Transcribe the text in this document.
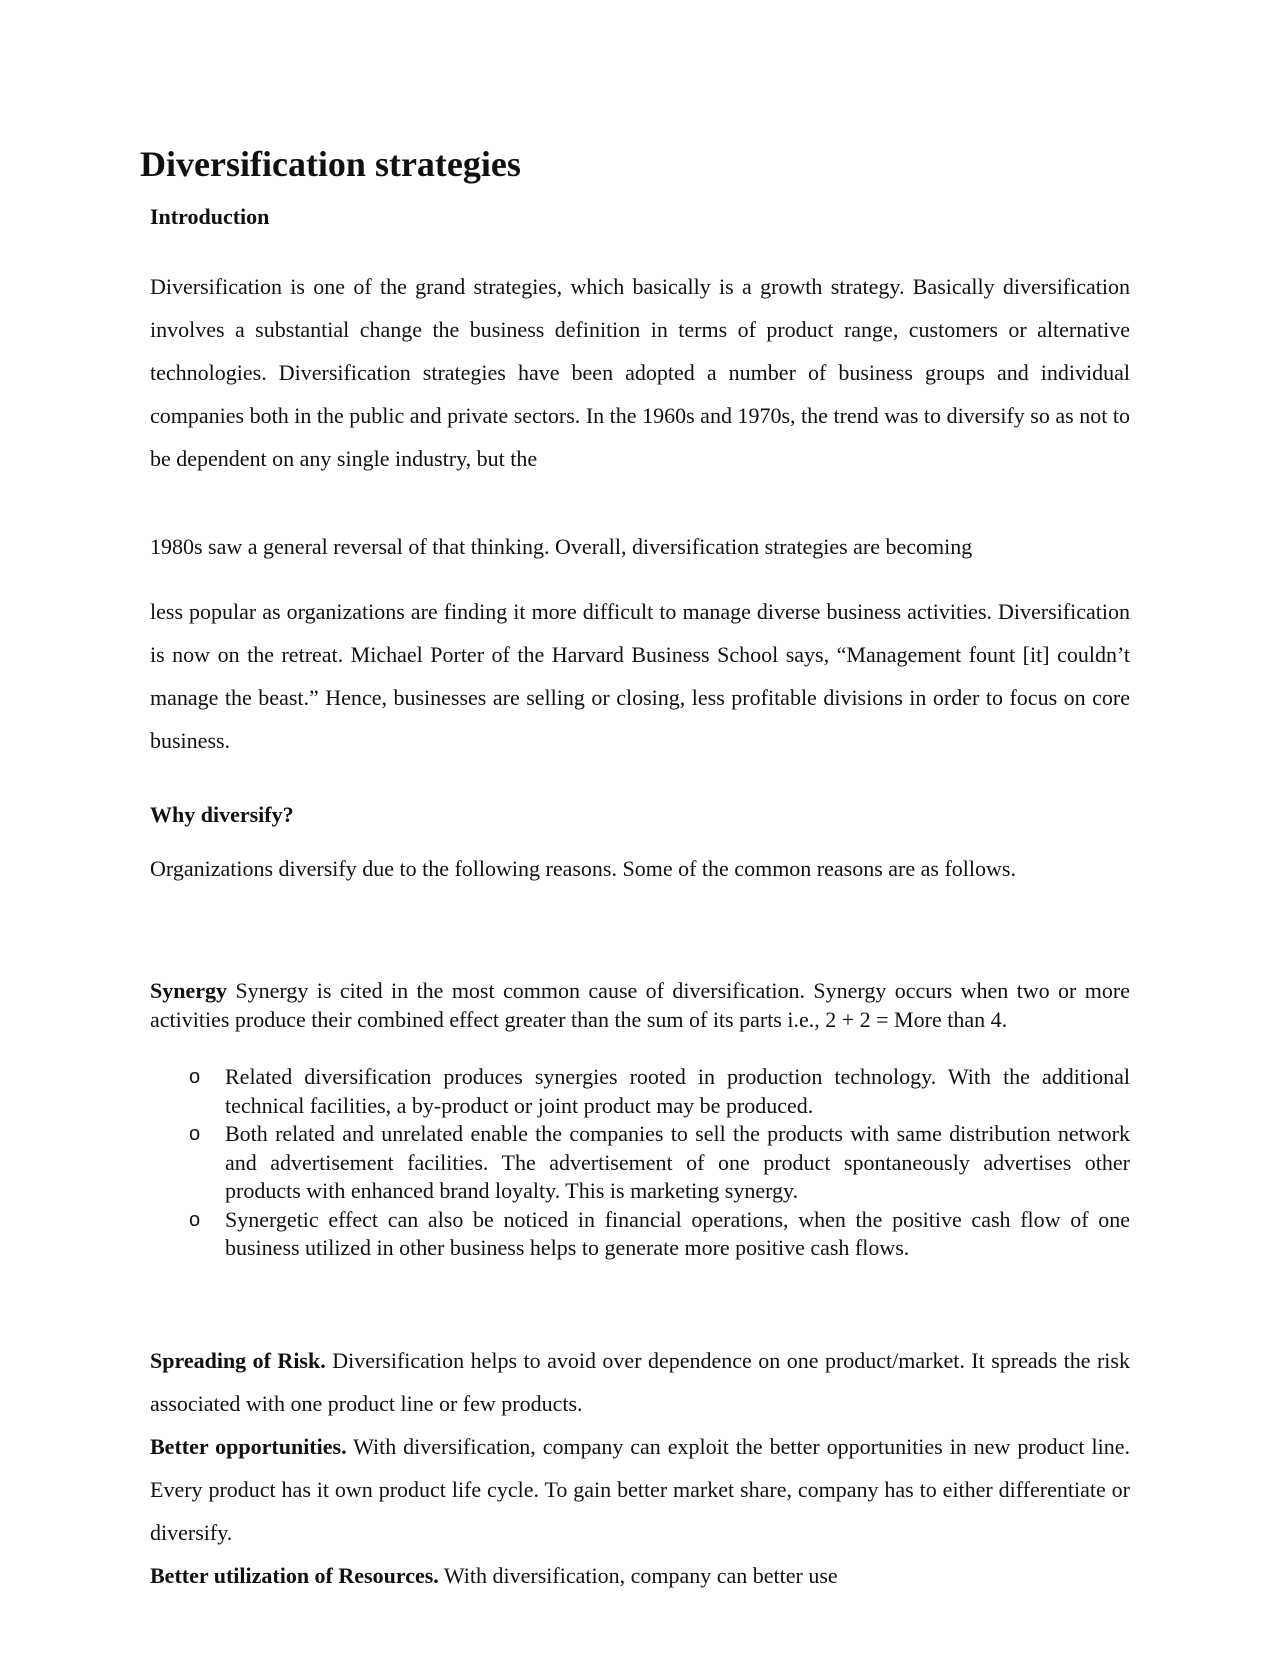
Diversification strategies
Introduction

Diversification is one of the grand strategies, which basically is a growth strategy. Basically diversification involves a substantial change the business definition in terms of product range, customers or alternative technologies. Diversification strategies have been adopted a number of business groups and individual companies both in the public and private sectors. In the 1960s and 1970s, the trend was to diversify so as not to be dependent on any single industry, but the

1980s saw a general reversal of that thinking. Overall, diversification strategies are becoming

less popular as organizations are finding it more difficult to manage diverse business activities. Diversification is now on the retreat. Michael Porter of the Harvard Business School says, “Management fount [it] couldn’t manage the beast.” Hence, businesses are selling or closing, less profitable divisions in order to focus on core business.

Why diversify?

Organizations diversify due to the following reasons. Some of the common reasons are as follows.

Synergy Synergy is cited in the most common cause of diversification. Synergy occurs when two or more activities produce their combined effect greater than the sum of its parts i.e., 2 + 2 = More than 4.

o Related diversification produces synergies rooted in production technology. With the additional technical facilities, a by-product or joint product may be produced.
o Both related and unrelated enable the companies to sell the products with same distribution network and advertisement facilities. The advertisement of one product spontaneously advertises other products with enhanced brand loyalty. This is marketing synergy.
o Synergetic effect can also be noticed in financial operations, when the positive cash flow of one business utilized in other business helps to generate more positive cash flows.

Spreading of Risk. Diversification helps to avoid over dependence on one product/market. It spreads the risk associated with one product line or few products.

Better opportunities. With diversification, company can exploit the better opportunities in new product line. Every product has it own product life cycle. To gain better market share, company has to either differentiate or diversify.

Better utilization of Resources. With diversification, company can better use
